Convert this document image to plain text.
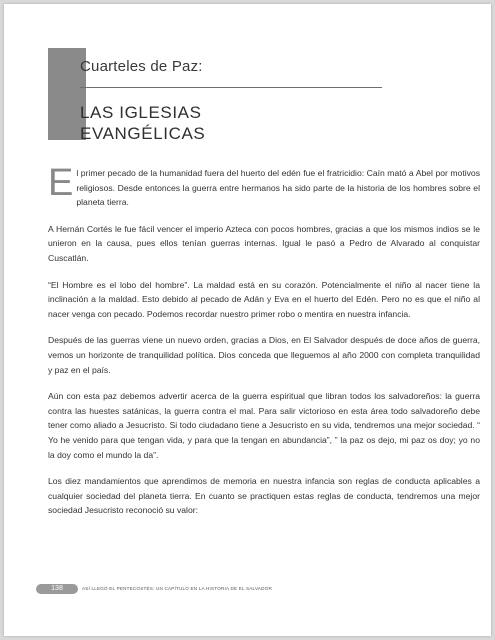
Cuarteles de Paz:
LAS IGLESIAS
EVANGÉLICAS

El primer pecado de la humanidad fuera del huerto del edén fue el fratricidio: Caín mató a Abel por motivos religiosos. Desde entonces la guerra entre hermanos ha sido parte de la historia de los hombres sobre el planeta tierra.

A Hernán Cortés le fue fácil vencer el imperio Azteca con pocos hombres, gracias a que los mismos indios se le unieron en la causa, pues ellos tenían guerras internas. Igual le pasó a Pedro de Alvarado al conquistar Cuscatlán.

“El Hombre es el lobo del hombre”. La maldad está en su corazón. Potencialmente el niño al nacer tiene la inclinación a la maldad. Esto debido al pecado de Adán y Eva en el huerto del Edén. Pero no es que el niño al nacer venga con pecado. Podemos recordar nuestro primer robo o mentira en nuestra infancia.

Después de las guerras viene un nuevo orden, gracias a Dios, en El Salvador después de doce años de guerra, vemos un horizonte de tranquilidad política. Dios conceda que lleguemos al año 2000 con completa tranquilidad y paz en el país.

Aún con esta paz debemos advertir acerca de la guerra espiritual que libran todos los salvadoreños: la guerra contra las huestes satánicas, la guerra contra el mal. Para salir victorioso en esta área todo salvadoreño debe tener como aliado a Jesucristo. Si todo ciudadano tiene a Jesucristo en su vida, tendremos una mejor sociedad. “ Yo he venido para que tengan vida, y para que la tengan en abundancia”, ” la paz os dejo, mi paz os doy; yo no la doy como el mundo la da”.

Los diez mandamientos que aprendimos de memoria en nuestra infancia son reglas de conducta aplicables a cualquier sociedad del planeta tierra. En cuanto se practiquen estas reglas de conducta, tendremos una mejor sociedad Jesucristo reconoció su valor:

138	ASÍ LLEGÓ EL PENTECOSTÉS: UN CAPÍTULO EN LA HISTORIA DE EL SALVADOR
